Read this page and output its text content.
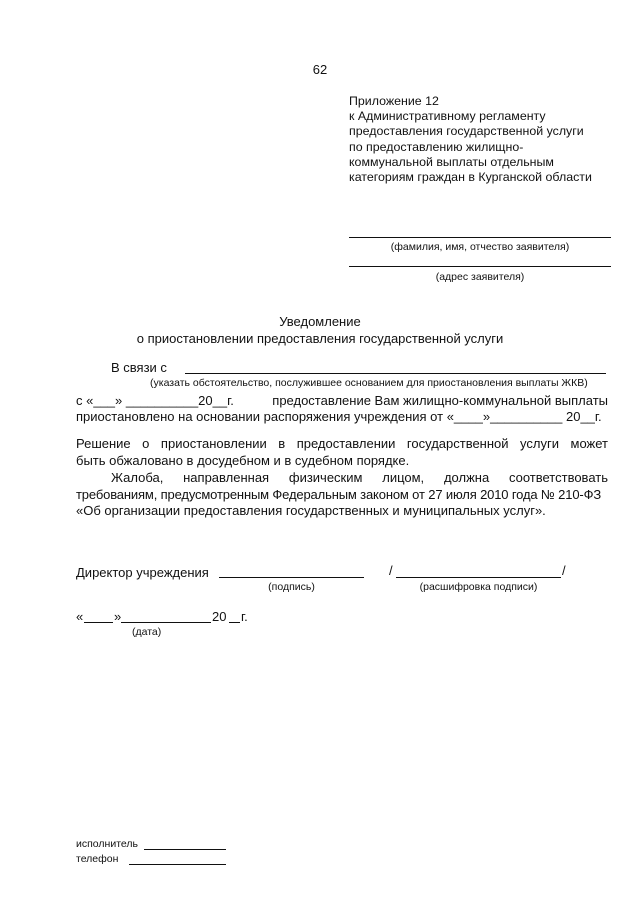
62
Приложение 12
к Административному регламенту
предоставления государственной услуги
по предоставлению жилищно-
коммунальной выплаты отдельным
категориям граждан в Курганской области
(фамилия, имя, отчество заявителя)
(адрес заявителя)
Уведомление
о приостановлении предоставления государственной услуги
В связи с
(указать обстоятельство, послужившее основанием для приостановления выплаты ЖКВ)
с «___» __________20__г.	предоставление Вам жилищно-коммунальной выплаты
приостановлено на основании распоряжения учреждения от «____»__________ 20__г.
Решение о приостановлении в предоставлении государственной услуги может
быть обжаловано в досудебном и в судебном порядке.
Жалоба, направленная физическим лицом, должна соответствовать
требованиям, предусмотренным Федеральным законом от 27 июля 2010 года № 210-ФЗ
«Об организации предоставления государственных и муниципальных услуг».
Директор учреждения
(подпись)
/	/
(расшифровка подписи)
« »	20 г.
(дата)
исполнитель
телефон
